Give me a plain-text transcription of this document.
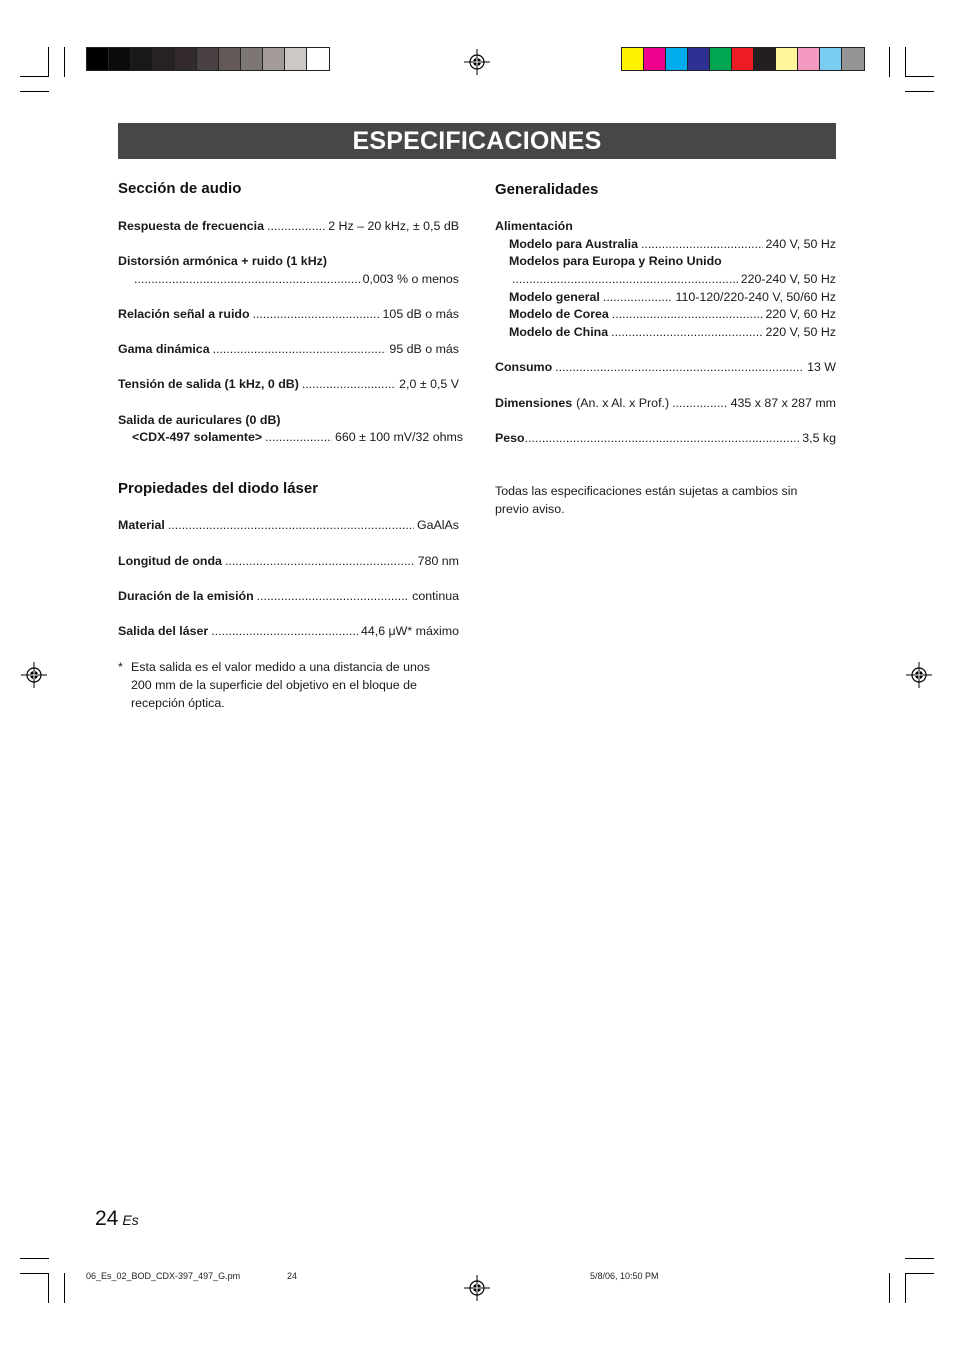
ESPECIFICACIONES
Sección de audio
Respuesta de frecuencia .....	2 Hz – 20 kHz, ± 0,5 dB
Distorsión armónica + ruido (1 kHz)
.....
0,003 % o menos
Relación señal a ruido .....	105 dB o más
Gama dinámica .....	95 dB o más
Tensión de salida (1 kHz, 0 dB) .....	2,0 ± 0,5 V
Salida de auriculares (0 dB)
<CDX-497 solamente> .....	660 ± 100 mV/32 ohms
Propiedades del diodo láser
Material .....	GaAlAs
Longitud de onda .....	780 nm
Duración de la emisión .....	continua
Salida del láser .....	44,6 μW* máximo
* Esta salida es el valor medido a una distancia de unos 200 mm de la superficie del objetivo en el bloque de recepción óptica.
Generalidades
Alimentación
Modelo para Australia .....	240 V, 50 Hz
Modelos para Europa y Reino Unido
.....
220-240 V, 50 Hz
Modelo general .....	110-120/220-240 V, 50/60 Hz
Modelo de Corea .....	220 V, 60 Hz
Modelo de China .....	220 V, 50 Hz
Consumo .....	13 W
Dimensiones (An. x Al. x Prof.) .....	435 x 87 x 287 mm
Peso .....	3,5 kg
Todas las especificaciones están sujetas a cambios sin previo aviso.
24 Es
06_Es_02_BOD_CDX-397_497_G.pm	24	5/8/06, 10:50 PM
